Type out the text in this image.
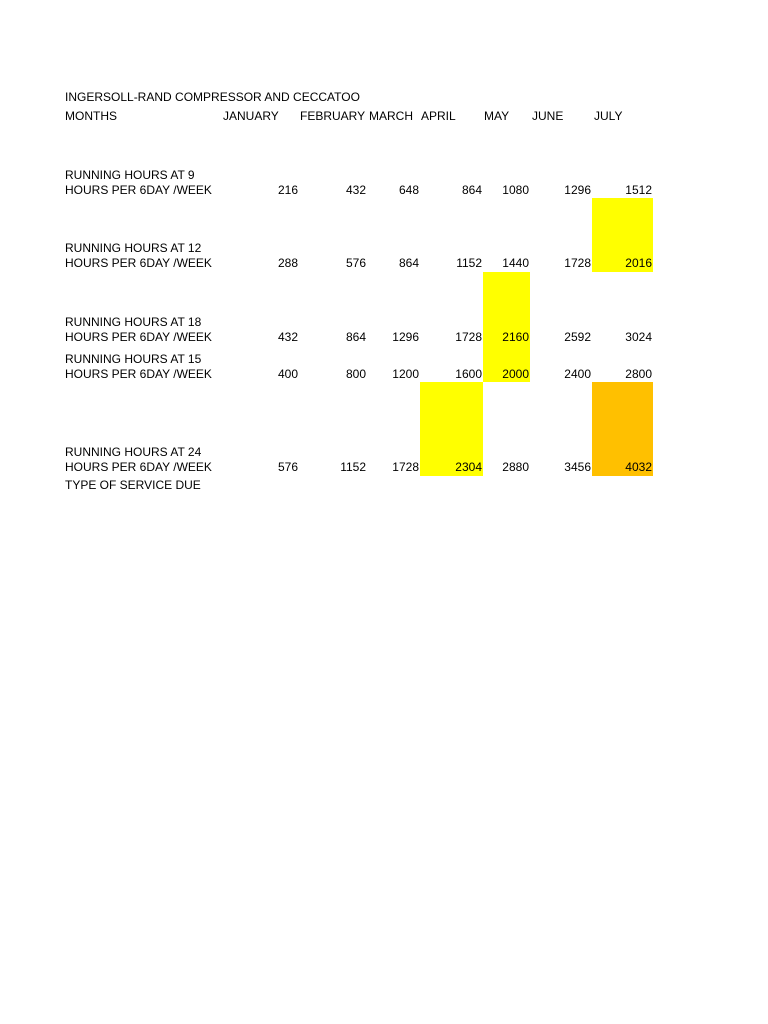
INGERSOLL-RAND COMPRESSOR AND CECCATOO
MONTHS	JANUARY FEBRUARY MARCH APRIL MAY JUNE	JULY
RUNNING HOURS AT 9
HOURS PER 6DAY /WEEK	216	432	648	864	1080	1296	1512
RUNNING HOURS AT 12
HOURS PER 6DAY /WEEK	288	576	864	1152	1440	1728	2016
RUNNING HOURS AT 18
HOURS PER 6DAY /WEEK	432	864	1296	1728	2160	2592	3024
RUNNING HOURS AT 15
HOURS PER 6DAY /WEEK	400	800	1200	1600	2000	2400	2800
RUNNING HOURS AT 24
HOURS PER 6DAY /WEEK	576	1152	1728	2304	2880	3456	4032
TYPE OF SERVICE DUE
